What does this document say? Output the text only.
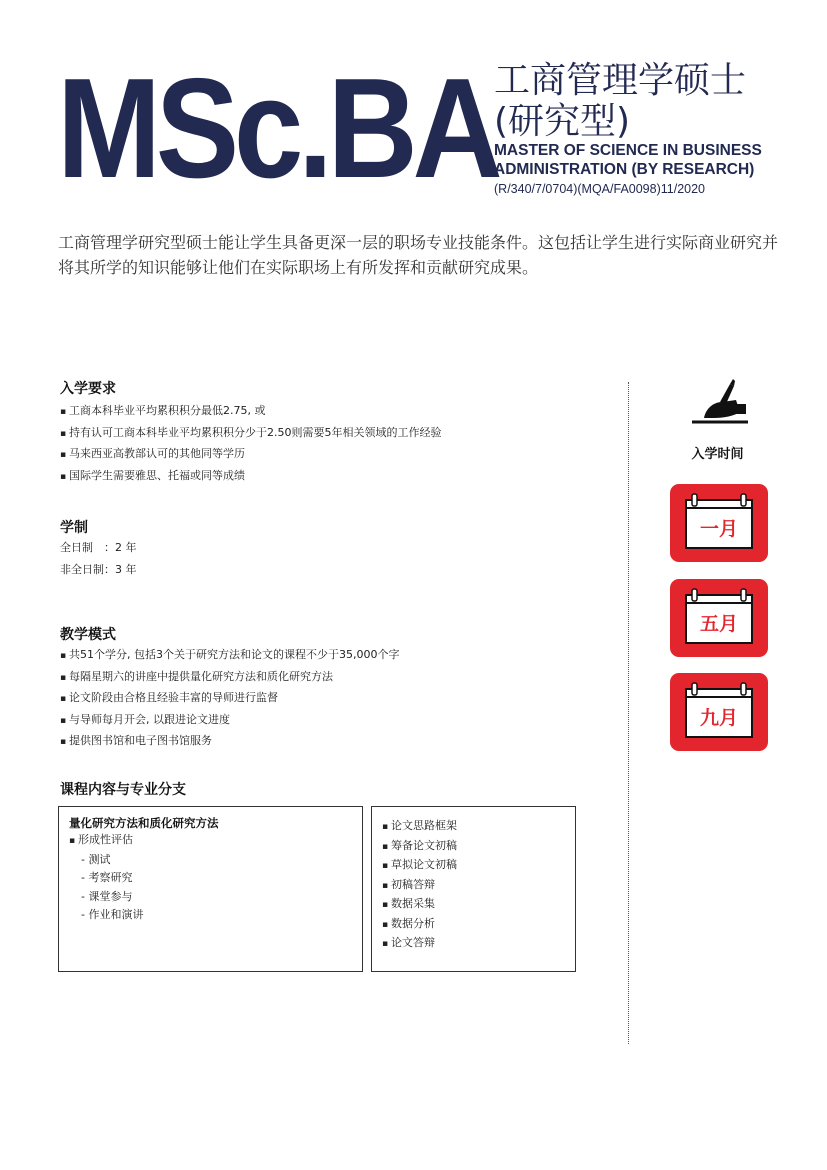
MSc.BA
工商管理学硕士
(研究型)
MASTER OF SCIENCE IN BUSINESS
ADMINISTRATION (BY RESEARCH)
(R/340/7/0704)(MQA/FA0098)11/2020
工商管理学研究型硕士能让学生具备更深一层的职场专业技能条件。这包括让学生进行实际商业研究并将其所学的知识能够让他们在实际职场上有所发挥和贡献研究成果。
入学要求
▪ 工商本科毕业平均累积积分最低2.75, 或
▪ 持有认可工商本科毕业平均累积积分少于2.50则需要5年相关领域的工作经验
▪ 马来西亚高教部认可的其他同等学历
▪ 国际学生需要雅思、托福或同等成绩
学制
全日制　：2 年
非全日制：3 年
教学模式
▪ 共51个学分, 包括3个关于研究方法和论文的课程不少于35,000个字
▪ 每隔星期六的讲座中提供量化研究方法和质化研究方法
▪ 论文阶段由合格且经验丰富的导师进行监督
▪ 与导师每月开会, 以跟进论文进度
▪ 提供图书馆和电子图书馆服务
课程内容与专业分支
量化研究方法和质化研究方法
▪ 形成性评估
- 测试
- 考察研究
- 课堂参与
- 作业和演讲
▪ 论文思路框架
▪ 筹备论文初稿
▪ 草拟论文初稿
▪ 初稿答辩
▪ 数据采集
▪ 数据分析
▪ 论文答辩
入学时间
一月
五月
九月
